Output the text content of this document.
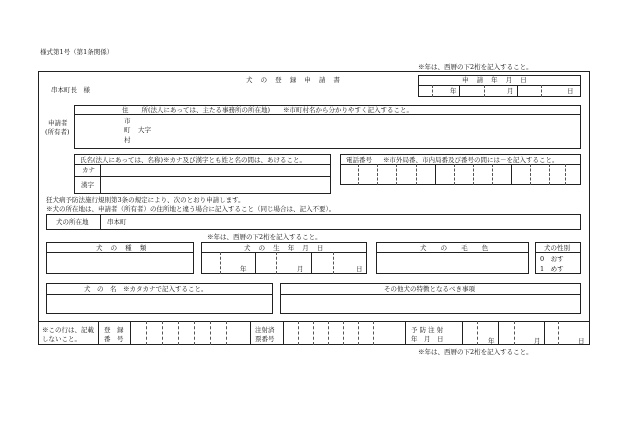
様式第1号（第1条関係）
※年は、西暦の下2桁を記入すること。
犬 の 登 録 申 請 書
串本町長　様
申 請 年 月 日
年	月	日
申請者
(所有者)
住　　所(法人にあっては、主たる事務所の所在地)　　※市町村名から分かりやすく記入すること。
市
町 大字
村
氏名(法人にあっては、名称)※カナ及び漢字とも姓と名の間は、あけること。
カナ
漢字
電話番号 ※市外局番、市内局番及び番号の間には－を記入すること。
狂犬病予防法施行規則第3条の規定により、次のとおり申請します。
※犬の所在地は、申請者（所有者）の住所地と違う場合に記入すること（同じ場合は、記入不要）。
犬の所在地	串本町
※年は、西暦の下2桁を記入すること。
犬 の 種 類	犬 の 生 年 月 日
年	月	日
犬 の 毛 色	犬の性別
0　おす
1　めす
犬　の　名　※カタカナで記入すること。	その他犬の特徴となるべき事項
※この行は、記載
しないこと。
登　録
番　号
注射済
票番号
予 防 注 射
年　月　日	年	月	日
※年は、西暦の下2桁を記入すること。
